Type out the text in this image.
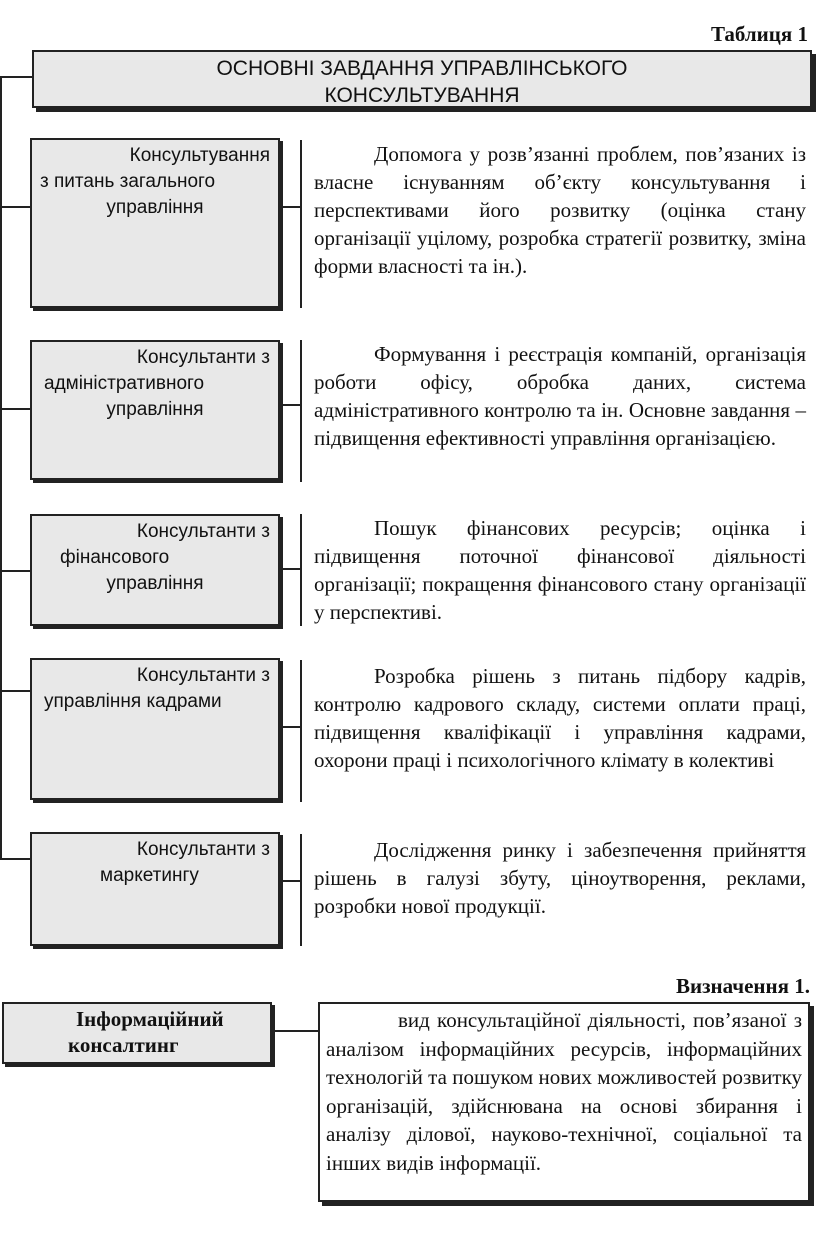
Таблиця 1
ОСНОВНІ ЗАВДАННЯ УПРАВЛІНСЬКОГО
КОНСУЛЬТУВАННЯ
Консультування
з питань загального
управління
Допомога у розв’язанні проблем, пов’язаних із власне існуванням об’єкту консультування і перспективами його розвитку (оцінка стану організації уцілому, розробка стратегії розвитку, зміна форми власності та ін.).
Консультанти з
адміністративного
управління
Формування і реєстрація компаній, організація роботи офісу, обробка даних, система адміністративного контролю та ін. Основне завдання – підвищення ефективності управління організацією.
Консультанти з
фінансового
управління
Пошук фінансових ресурсів; оцінка і підвищення поточної фінансової діяльності організації; покращення фінансового стану організації у перспективі.
Консультанти з
управління кадрами
Розробка рішень з питань підбору кадрів, контролю кадрового складу, системи оплати праці, підвищення кваліфікації і управління кадрами, охорони праці і психологічного клімату в колективі
Консультанти з
маркетингу
Дослідження ринку і забезпечення прийняття рішень в галузі збуту, ціноутворення, реклами, розробки нової продукції.
Визначення 1.
Інформаційний
консалтинг
вид консультаційної діяльності, пов’язаної з аналізом інформаційних ресурсів, інформаційних технологій та пошуком нових можливостей розвитку організацій, здійснювана на основі збирання і аналізу ділової, науково-технічної, соціальної та інших видів інформації.
